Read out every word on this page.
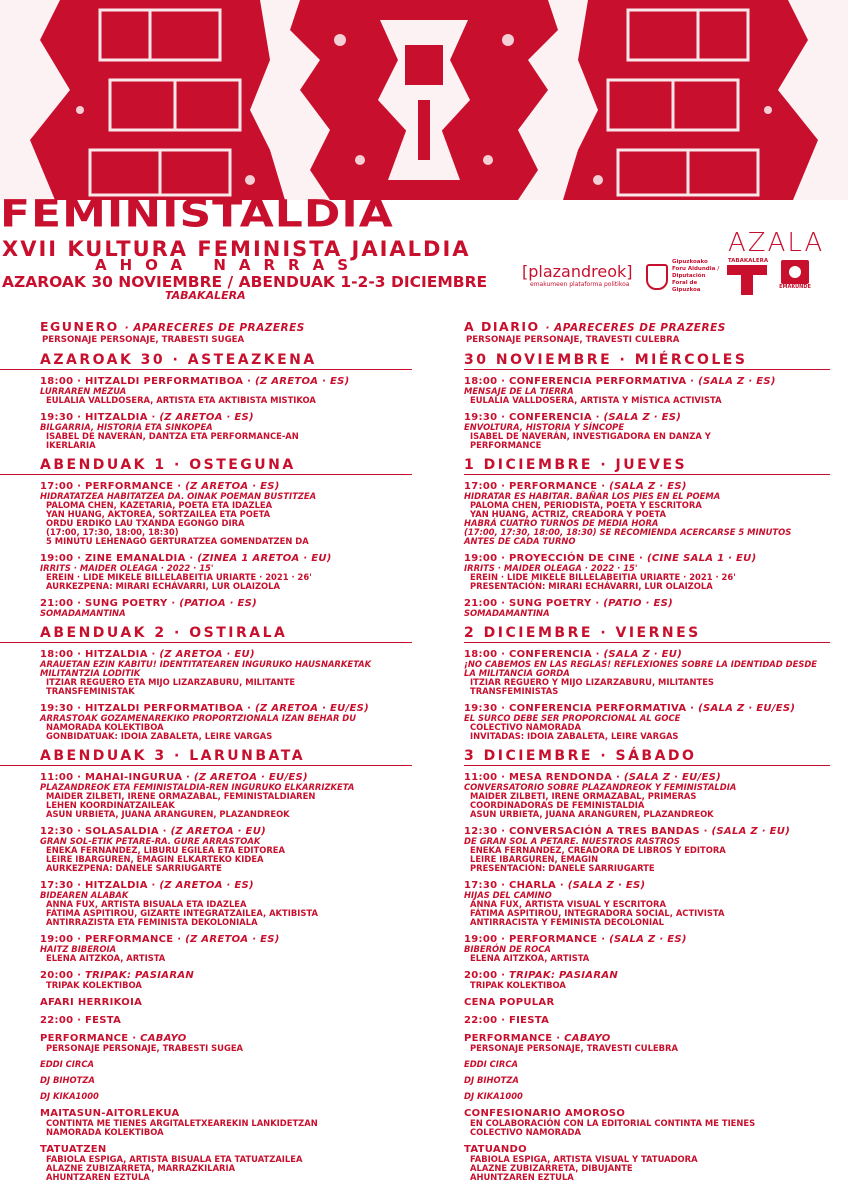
FEMINISTALDIA
XVII KULTURA FEMINISTA JAIALDIA
AHOA NARRAS
AZAROAK 30 NOVIEMBRE / ABENDUAK 1-2-3 DICIEMBRE
TABAKALERA
[plazandreok]
emakumeen plataforma politikoa
Gipuzkoako Foru Aldundia / Diputación Foral de Gipuzkoa
AZALA
TABAKALERA
EMAKUNDE
EGUNERO · APARECERES DE PRAZERES
PERSONAJE PERSONAJE, TRABESTI SUGEA
AZAROAK 30 · ASTEAZKENA
18:00 · HITZALDI PERFORMATIBOA · (Z ARETOA · ES)
LURRAREN MEZUA
EULALIA VALLDOSERA, ARTISTA ETA AKTIBISTA MISTIKOA
19:30 · HITZALDIA · (Z ARETOA · ES)
BILGARRIA, HISTORIA ETA SINKOPEA
ISABEL DE NAVERÁN, DANTZA ETA PERFORMANCE-AN
IKERLARIA
ABENDUAK 1 · OSTEGUNA
17:00 · PERFORMANCE · (Z ARETOA · ES)
HIDRATATZEA HABITATZEA DA. OINAK POEMAN BUSTITZEA
PALOMA CHEN, KAZETARIA, POETA ETA IDAZLEA
YAN HUANG, AKTOREA, SORTZAILEA ETA POETA
ORDU ERDIKO LAU TXANDA EGONGO DIRA
(17:00, 17:30, 18:00, 18:30)
5 MINUTU LEHENAGO GERTURATZEA GOMENDATZEN DA
19:00 · ZINE EMANALDIA · (ZINEA 1 ARETOA · EU)
IRRITS · MAIDER OLEAGA · 2022 · 15'
EREIN · LIDE MIKELE BILLELABEITIA URIARTE · 2021 · 26'
AURKEZPENA: MIRARI ECHÁVARRI, LUR OLAIZOLA
21:00 · SUNG POETRY · (PATIOA · ES)
SOMADAMANTINA
ABENDUAK 2 · OSTIRALA
18:00 · HITZALDIA · (Z ARETOA · EU)
ARAUETAN EZIN KABITU! IDENTITATEAREN INGURUKO HAUSNARKETAK MILITANTZIA LODITIK
ITZIAR REGUERO ETA MIJO LIZARZABURU, MILITANTE
TRANSFEMINISTAK
19:30 · HITZALDI PERFORMATIBOA · (Z ARETOA · EU/ES)
ARRASTOAK GOZAMENAREKIKO PROPORTZIONALA IZAN BEHAR DU
NAMORADA KOLEKTIBOA
GONBIDATUAK: IDOIA ZABALETA, LEIRE VARGAS
ABENDUAK 3 · LARUNBATA
11:00 · MAHAI-INGURUA · (Z ARETOA · EU/ES)
PLAZANDREOK ETA FEMINISTALDIA-REN INGURUKO ELKARRIZKETA
MAIDER ZILBETI, IRENE ORMAZABAL, FEMINISTALDIAREN
LEHEN KOORDINATZAILEAK
ASUN URBIETA, JUANA ARANGUREN, PLAZANDREOK
12:30 · SOLASALDIA · (Z ARETOA · EU)
GRAN SOL-ETIK PETARE-RA. GURE ARRASTOAK
ENEKA FERNANDEZ, LIBURU EGILEA ETA EDITOREA
LEIRE IBARGUREN, EMAGIN ELKARTEKO KIDEA
AURKEZPENA: DANELE SARRIUGARTE
17:30 · HITZALDIA · (Z ARETOA · ES)
BIDEAREN ALABAK
ANNA FUX, ARTISTA BISUALA ETA IDAZLEA
FÁTIMA ASPITIROU, GIZARTE INTEGRATZAILEA, AKTIBISTA
ANTIRRAZISTA ETA FEMINISTA DEKOLONIALA
19:00 · PERFORMANCE · (Z ARETOA · ES)
HAITZ BIBEROIA
ELENA AITZKOA, ARTISTA
20:00 · TRIPAK: PASIARAN
TRIPAK KOLEKTIBOA
AFARI HERRIKOIA
22:00 · FESTA
PERFORMANCE · CABAYO
PERSONAJE PERSONAJE, TRABESTI SUGEA
EDDI CIRCA
DJ BIHOTZA
DJ KIKA1000
MAITASUN-AITORLEKUA
CONTINTA ME TIENES ARGITALETXEAREKIN LANKIDETZAN
NAMORADA KOLEKTIBOA
TATUATZEN
FABIOLA ESPIGA, ARTISTA BISUALA ETA TATUATZAILEA
ALAZNE ZUBIZARRETA, MARRAZKILARIA
AHUNTZAREN EZTULA
A DIARIO · APARECERES DE PRAZERES
PERSONAJE PERSONAJE, TRAVESTI CULEBRA
30 NOVIEMBRE · MIÉRCOLES
18:00 · CONFERENCIA PERFORMATIVA · (SALA Z · ES)
MENSAJE DE LA TIERRA
EULALIA VALLDOSERA, ARTISTA Y MÍSTICA ACTIVISTA
19:30 · CONFERENCIA · (SALA Z · ES)
ENVOLTURA, HISTORIA Y SÍNCOPE
ISABEL DE NAVERÁN, INVESTIGADORA EN DANZA Y
PERFORMANCE
1 DICIEMBRE · JUEVES
17:00 · PERFORMANCE · (SALA Z · ES)
HIDRATAR ES HABITAR. BAÑAR LOS PIES EN EL POEMA
PALOMA CHEN, PERIODISTA, POETA Y ESCRITORA
YAN HUANG, ACTRIZ, CREADORA Y POETA
HABRÁ CUATRO TURNOS DE MEDIA HORA
(17:00, 17:30, 18:00, 18:30) SE RECOMIENDA ACERCARSE 5 MINUTOS
ANTES DE CADA TURNO
19:00 · PROYECCIÓN DE CINE · (CINE SALA 1 · EU)
IRRITS · MAIDER OLEAGA · 2022 · 15'
EREIN · LIDE MIKELE BILLELABEITIA URIARTE · 2021 · 26'
PRESENTACIÓN: MIRARI ECHÁVARRI, LUR OLAIZOLA
21:00 · SUNG POETRY · (PATIO · ES)
SOMADAMANTINA
2 DICIEMBRE · VIERNES
18:00 · CONFERENCIA · (SALA Z · EU)
¡NO CABEMOS EN LAS REGLAS! REFLEXIONES SOBRE LA IDENTIDAD DESDE LA MILITANCIA GORDA
ITZIAR REGUERO Y MIJO LIZARZABURU, MILITANTES
TRANSFEMINISTAS
19:30 · CONFERENCIA PERFORMATIVA · (SALA Z · EU/ES)
EL SURCO DEBE SER PROPORCIONAL AL GOCE
COLECTIVO NAMORADA
INVITADAS: IDOIA ZABALETA, LEIRE VARGAS
3 DICIEMBRE · SÁBADO
11:00 · MESA RENDONDA · (SALA Z · EU/ES)
CONVERSATORIO SOBRE PLAZANDREOK Y FEMINISTALDIA
MAIDER ZILBETI, IRENE ORMAZABAL, PRIMERAS
COORDINADORAS DE FEMINISTALDIA
ASUN URBIETA, JUANA ARANGUREN, PLAZANDREOK
12:30 · CONVERSACIÓN A TRES BANDAS · (SALA Z · EU)
DE GRAN SOL A PETARE. NUESTROS RASTROS
ENEKA FERNANDEZ, CREADORA DE LIBROS Y EDITORA
LEIRE IBARGUREN, EMAGIN
PRESENTACIÓN: DANELE SARRIUGARTE
17:30 · CHARLA · (SALA Z · ES)
HIJAS DEL CAMINO
ANNA FUX, ARTISTA VISUAL Y ESCRITORA
FÁTIMA ASPITIROU, INTEGRADORA SOCIAL, ACTIVISTA
ANTIRRACISTA Y FEMINISTA DECOLONIAL
19:00 · PERFORMANCE · (SALA Z · ES)
BIBERÓN DE ROCA
ELENA AITZKOA, ARTISTA
20:00 · TRIPAK: PASIARAN
TRIPAK KOLEKTIBOA
CENA POPULAR
22:00 · FIESTA
PERFORMANCE · CABAYO
PERSONAJE PERSONAJE, TRAVESTI CULEBRA
EDDI CIRCA
DJ BIHOTZA
DJ KIKA1000
CONFESIONARIO AMOROSO
EN COLABORACIÓN CON LA EDITORIAL CONTINTA ME TIENES
COLECTIVO NAMORADA
TATUANDO
FABIOLA ESPIGA, ARTISTA VISUAL Y TATUADORA
ALAZNE ZUBIZARRETA, DIBUJANTE
AHUNTZAREN EZTULA
